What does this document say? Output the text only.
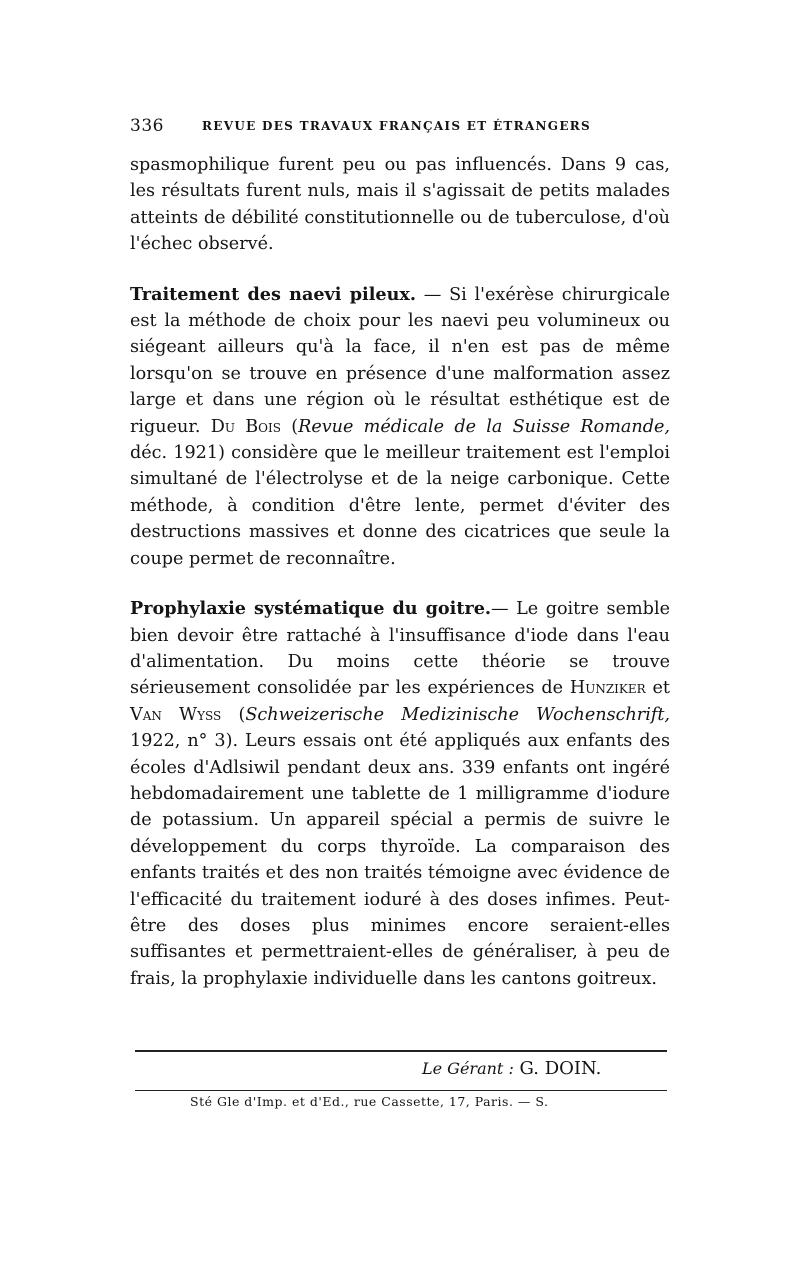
336	REVUE DES TRAVAUX FRANÇAIS ET ÉTRANGERS

spasmophilique furent peu ou pas influencés. Dans 9 cas, les résultats furent nuls, mais il s'agissait de petits malades atteints de débilité constitutionnelle ou de tuberculose, d'où l'échec observé.

Traitement des naevi pileux. — Si l'exérèse chirurgicale est la méthode de choix pour les naevi peu volumineux ou siégeant ailleurs qu'à la face, il n'en est pas de même lorsqu'on se trouve en présence d'une malformation assez large et dans une région où le résultat esthétique est de rigueur. Du Bois (Revue médicale de la Suisse Romande, déc. 1921) considère que le meilleur traitement est l'emploi simultané de l'électrolyse et de la neige carbonique. Cette méthode, à condition d'être lente, permet d'éviter des destructions massives et donne des cicatrices que seule la coupe permet de reconnaître.

Prophylaxie systématique du goitre.— Le goitre semble bien devoir être rattaché à l'insuffisance d'iode dans l'eau d'alimentation. Du moins cette théorie se trouve sérieusement consolidée par les expériences de Hunziker et Van Wyss (Schweizerische Medizinische Wochenschrift, 1922, n° 3). Leurs essais ont été appliqués aux enfants des écoles d'Adlsiwil pendant deux ans. 339 enfants ont ingéré hebdomadairement une tablette de 1 milligramme d'iodure de potassium. Un appareil spécial a permis de suivre le développement du corps thyroïde. La comparaison des enfants traités et des non traités témoigne avec évidence de l'efficacité du traitement ioduré à des doses infimes. Peut-être des doses plus minimes encore seraient-elles suffisantes et permettraient-elles de généraliser, à peu de frais, la prophylaxie individuelle dans les cantons goitreux.

Le Gérant : G. DOIN.
Sté Gle d'Imp. et d'Ed., rue Cassette, 17, Paris. — S.
